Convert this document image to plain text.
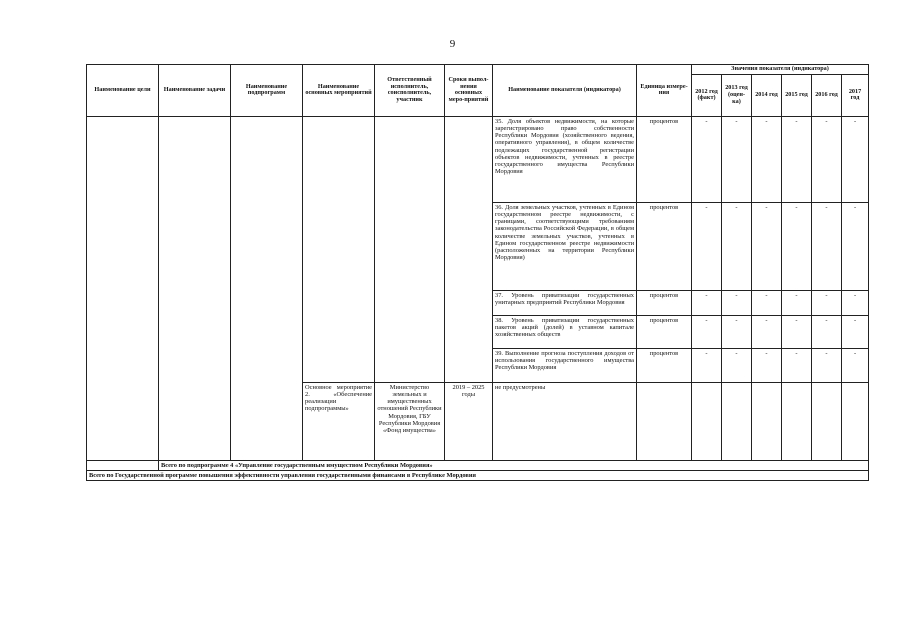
9
Наименование цели	Наименование задачи	Наименование подпрограмм	Наименование основных мероприятий	Ответственный исполнитель, соисполнитель, участник	Сроки выпол-нения основных меро-приятий	Наименование показателя (индикатора)	Единица измере-ния	Значения показателя (индикатора)					
								2012 год (факт)	2013 год (оцен-ка)	2014 год	2015 год	2016 год	2017 год
						35. Доля объектов недвижимости, на которые зарегистрировано право собственности Республики Мордовия (хозяйственного ведения, оперативного управления), в общем количестве подлежащих государственной регистрации объектов недвижимости, учтенных в реестре государственного имущества Республики Мордовия	процентов	-	-	-	-	-	-
						36. Доля земельных участков, учтенных в Едином государственном реестре недвижимости, с границами, соответствующими требованиям законодательства Российской Федерации, в общем количестве земельных участков, учтенных в Едином государственном реестре недвижимости (расположенных на территории Республики Мордовия)	процентов	-	-	-	-	-	-
						37. Уровень приватизации государственных унитарных предприятий Республики Мордовия	процентов	-	-	-	-	-	-
						38. Уровень приватизации государственных пакетов акций (долей) в уставном капитале хозяйственных обществ	процентов	-	-	-	-	-	-
						39. Выполнение прогноза поступления доходов от использования государственного имущества Республики Мордовия	процентов	-	-	-	-	-	-
			Основное мероприятие 2. «Обеспечение реализации подпрограммы»	Министерство земельных и имущественных отношений Республики Мордовия, ГБУ Республики Мордовия «Фонд имущества»	2019 – 2025 годы	не предусмотрены							
	Всего по подпрограмме 4 «Управление государственным имуществом Республики Мордовия»												
Всего по Государственной программе повышения эффективности управления государственными финансами в Республике Мордовия													
